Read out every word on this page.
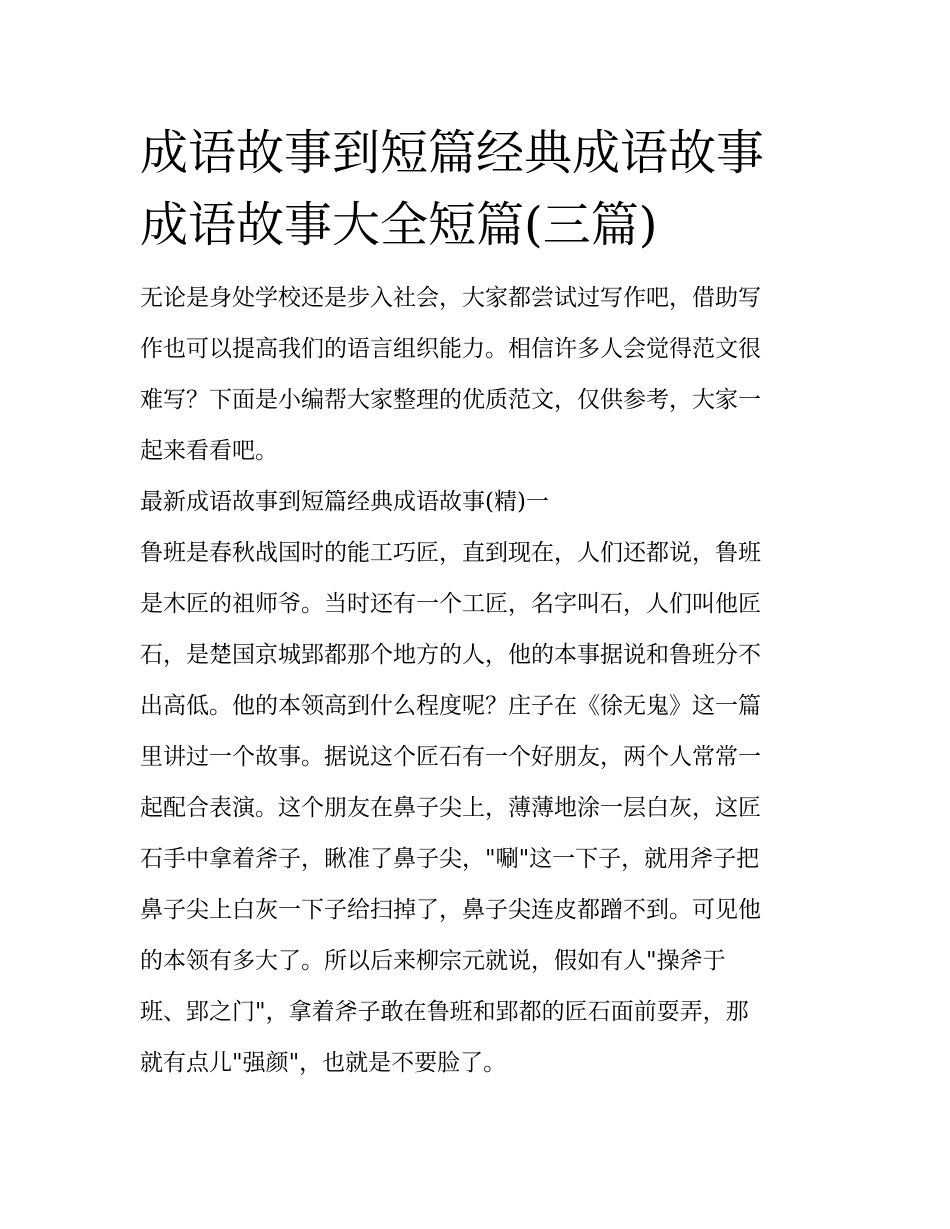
成语故事到短篇经典成语故事
成语故事大全短篇(三篇)
无论是身处学校还是步入社会，大家都尝试过写作吧，借助写
作也可以提高我们的语言组织能力。相信许多人会觉得范文很
难写？下面是小编帮大家整理的优质范文，仅供参考，大家一
起来看看吧。
最新成语故事到短篇经典成语故事(精)一
鲁班是春秋战国时的能工巧匠，直到现在，人们还都说，鲁班
是木匠的祖师爷。当时还有一个工匠，名字叫石，人们叫他匠
石，是楚国京城郢都那个地方的人，他的本事据说和鲁班分不
出高低。他的本领高到什么程度呢？庄子在《徐无鬼》这一篇
里讲过一个故事。据说这个匠石有一个好朋友，两个人常常一
起配合表演。这个朋友在鼻子尖上，薄薄地涂一层白灰，这匠
石手中拿着斧子，瞅准了鼻子尖，"唰"这一下子，就用斧子把
鼻子尖上白灰一下子给扫掉了，鼻子尖连皮都蹭不到。可见他
的本领有多大了。所以后来柳宗元就说，假如有人"操斧于
班、郢之门"，拿着斧子敢在鲁班和郢都的匠石面前耍弄，那
就有点儿"强颜"，也就是不要脸了。
